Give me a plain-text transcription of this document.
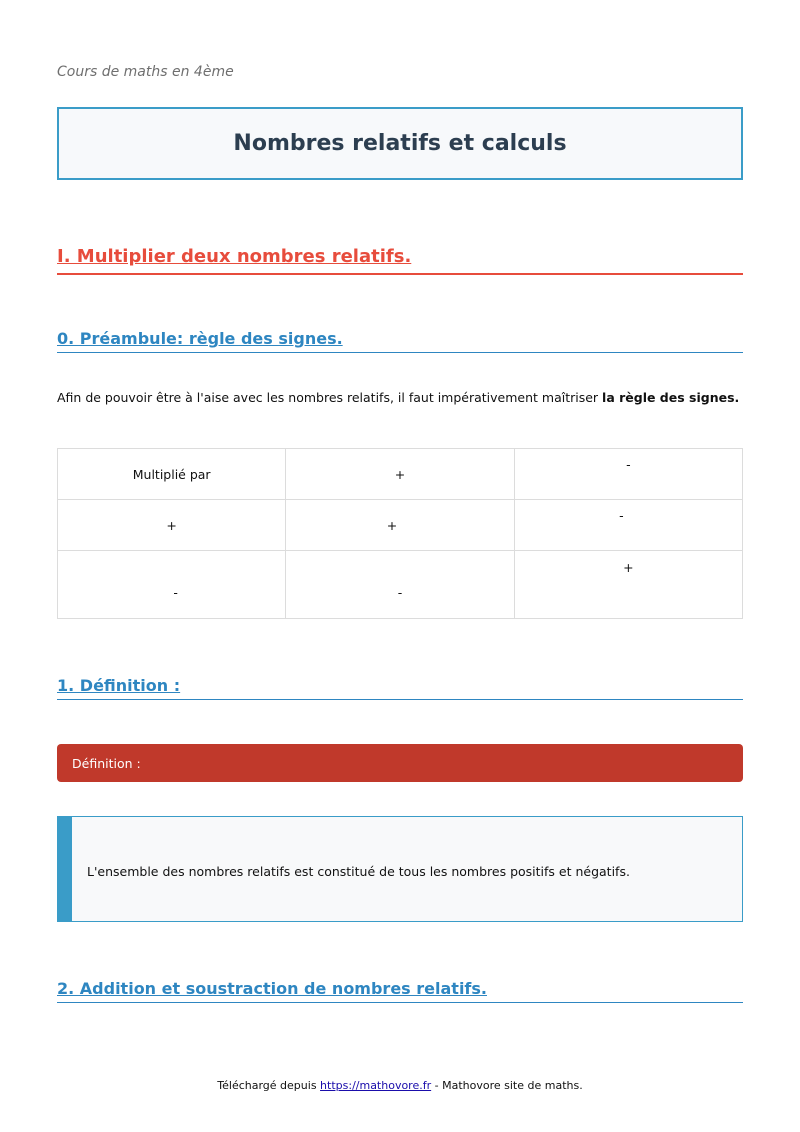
Cours de maths en 4ème
Nombres relatifs et calculs
I. Multiplier deux nombres relatifs.
0. Préambule: règle des signes.
Afin de pouvoir être à l'aise avec les nombres relatifs, il faut impérativement maîtriser la règle des signes.
Multiplié par	+	-

+	+	-

-	-	+
1. Définition :
Définition :

L'ensemble des nombres relatifs est constitué de tous les nombres positifs et négatifs.

2. Addition et soustraction de nombres relatifs.
Téléchargé depuis https://mathovore.fr - Mathovore site de maths.
